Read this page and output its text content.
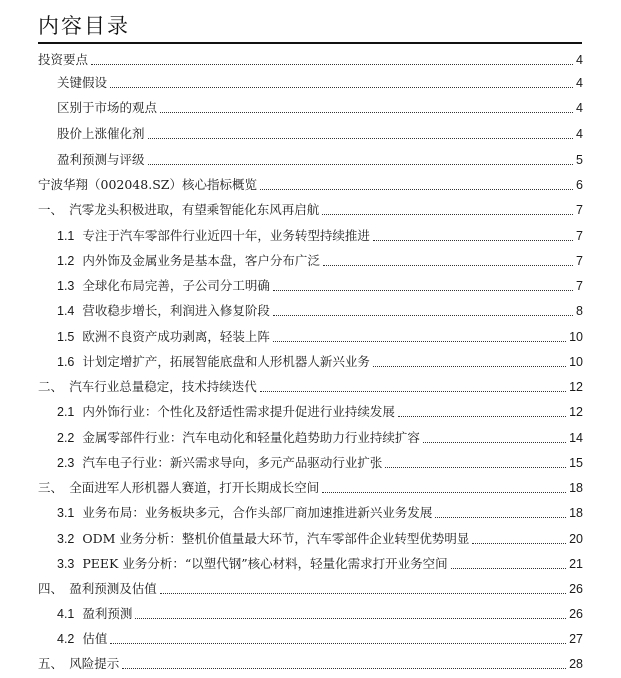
内容目录
投资要点	4
关键假设	4
区别于市场的观点	4
股价上涨催化剂	4
盈利预测与评级	5
宁波华翔（002048.SZ）核心指标概览	6
一、　 汽零龙头积极进取，有望乘智能化东风再启航	7
1.1 专注于汽车零部件行业近四十年，业务转型持续推进	7
1.2 内外饰及金属业务是基本盘，客户分布广泛	7
1.3 全球化布局完善，子公司分工明确	7
1.4 营收稳步增长，利润进入修复阶段	8
1.5 欧洲不良资产成功剥离，轻装上阵	10
1.6 计划定增扩产，拓展智能底盘和人形机器人新兴业务	10
二、　 汽车行业总量稳定，技术持续迭代	12
2.1 内外饰行业：个性化及舒适性需求提升促进行业持续发展	12
2.2 金属零部件行业：汽车电动化和轻量化趋势助力行业持续扩容	14
2.3 汽车电子行业：新兴需求导向，多元产品驱动行业扩张	15
三、　 全面进军人形机器人赛道，打开长期成长空间	18
3.1 业务布局：业务板块多元，合作头部厂商加速推进新兴业务发展	18
3.2 ODM 业务分析：整机价值量最大环节，汽车零部件企业转型优势明显	20
3.3 PEEK 业务分析：“以塑代钢”核心材料，轻量化需求打开业务空间	21
四、　 盈利预测及估值	26
4.1 盈利预测	26
4.2 估值	27
五、　 风险提示	28
